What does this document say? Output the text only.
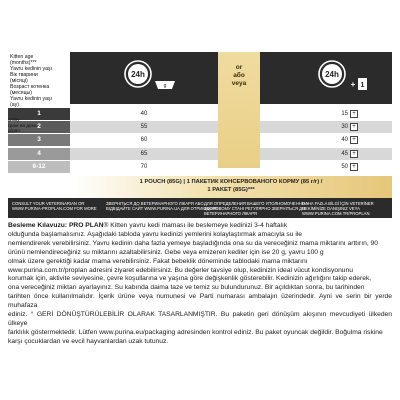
24h
g
24h
1
+
Kitten age
(months)***
Yavru kedinin yaşı
Вік тварини
(місяці)
Возраст котенка
(месяцы)
Yavru kedinin yaşı
(ay)
or
або
veya
1	40	15 +
2	55	30 +
3	60	40 +
4	65	45 +
6-12	70	50 +
1 POUCH (85G) | 1 ПАКЕТИК КОНСЕРВОВАНОГО КОРМУ (85 г/г) /
1 PAKET (85G)***
g/day
грам на день
g/gün
CONSULT YOUR VETERINARIAN OR
WWW.PURINA-PROPLAN.COM FOR MORE
ЗВЕРНІТЬСЯ ДО ВЕТЕРИНАРНОГО ЛІКАРЯ АБО
ВІДВІДАЙТЕ САЙТ WWW.PURINA.UA ДЛЯ ОТРИМАННЯ
ДЛЯ ОПРЕДЕЛЕНИЯ ВАШЕГО УПОЛНОМОЧЕННЯ У
ЗДОРОВОМУ СТАНІ РЕГУЛЯРНО ЗВЕРНІТЬСЯ ДО
ВЕТЕРИНАРНОГО ЛІКАРЯ
DAHA FAZLA BİLGİ İÇİN VETERİNER
HEKİMİNİZE DANIŞINIZ VEYA
WWW.PURINA.COM.TR/PROPLAN

Besleme Kılavuzu: PRO PLAN® Kitten yavru kedi maması ile beslemeye kedinizi 3-4 haftalık

olduğunda başlamalısınız. Aşağıdaki tabloda yavru kedinizi yemlerini kolaylaştırmak amacıyla su ile

nemlendirerek verebilirsiniz. Yavru kedinin daha fazla yemeye başladığında ona su da vereceğiniz mama miktarını arttırın, 90

ürünü nemlendireceğiniz su miktarını azaltabilirsiniz. Gebe veya emizeren kediler için ise 20 g, yavru 100 g

olmak üzere gerektiği kadar mama verebilirsiniz. Fakat bebeklik döneminde tablodaki mama miktarını

www.purina.com.tr/proplan adresini ziyaret edebilirsiniz. Bu değerler tavsiye olup, kedinizin ideal vücut kondisyonunu

korumak için, aktivite seviyesine, çevre koşullarına ve yaşına göre değişkenlik gösterebilir. Kedinizin ağırlığını takip ederek,

ona vereceğiniz miktarı ayarlayınız. Su kabında daima taze ve temiz su bulundurunuz. Bir açıldıktan sonra, bu tarihinden

tarihten önce kullanılmalıdır. İçerik ürüne veya numunesi ve Parti numarası ambalajın üzerindedir. Ayni ve serin bir yerde muhafaza

ediniz. ° GERİ DÖNÜŞTÜRÜLEBİLİR OLARAK TASARLANMIŞTIR. Bu paketin geri dönüşüm akışının mevcudiyeti ülkeden ülkeye

farklılık göstermektedir. Lütfen www.purina.eu/packaging adresinden kontrol ediniz. Bu paket oyuncak değildir. Boğulma riskine

karşı çocuklardan ve evcil hayvanlardan uzak tutunuz.
